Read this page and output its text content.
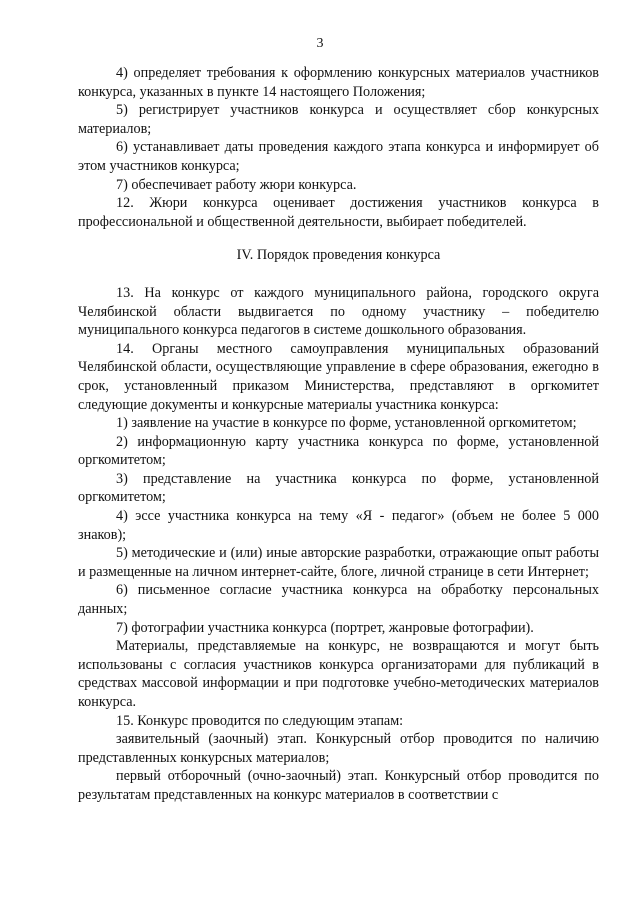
3

4) определяет требования к оформлению конкурсных материалов участников конкурса, указанных в пункте 14 настоящего Положения;

5) регистрирует участников конкурса и осуществляет сбор конкурсных материалов;

6) устанавливает даты проведения каждого этапа конкурса и информирует об этом участников конкурса;

7) обеспечивает работу жюри конкурса.

12. Жюри конкурса оценивает достижения участников конкурса в профессиональной и общественной деятельности, выбирает победителей.

IV. Порядок проведения конкурса

13. На конкурс от каждого муниципального района, городского округа Челябинской области выдвигается по одному участнику – победителю муниципального конкурса педагогов в системе дошкольного образования.

14. Органы местного самоуправления муниципальных образований Челябинской области, осуществляющие управление в сфере образования, ежегодно в срок, установленный приказом Министерства, представляют в оргкомитет следующие документы и конкурсные материалы участника конкурса:

1) заявление на участие в конкурсе по форме, установленной оргкомитетом;

2) информационную карту участника конкурса по форме, установленной оргкомитетом;

3) представление на участника конкурса по форме, установленной оргкомитетом;

4) эссе участника конкурса на тему «Я - педагог» (объем не более 5 000 знаков);

5) методические и (или) иные авторские разработки, отражающие опыт работы и размещенные на личном интернет-сайте, блоге, личной странице в сети Интернет;

6) письменное согласие участника конкурса на обработку персональных данных;

7) фотографии участника конкурса (портрет, жанровые фотографии).

Материалы, представляемые на конкурс, не возвращаются и могут быть использованы с согласия участников конкурса организаторами для публикаций в средствах массовой информации и при подготовке учебно-методических материалов конкурса.

15. Конкурс проводится по следующим этапам:

заявительный (заочный) этап. Конкурсный отбор проводится по наличию представленных конкурсных материалов;

первый отборочный (очно-заочный) этап. Конкурсный отбор проводится по результатам представленных на конкурс материалов в соответствии с
